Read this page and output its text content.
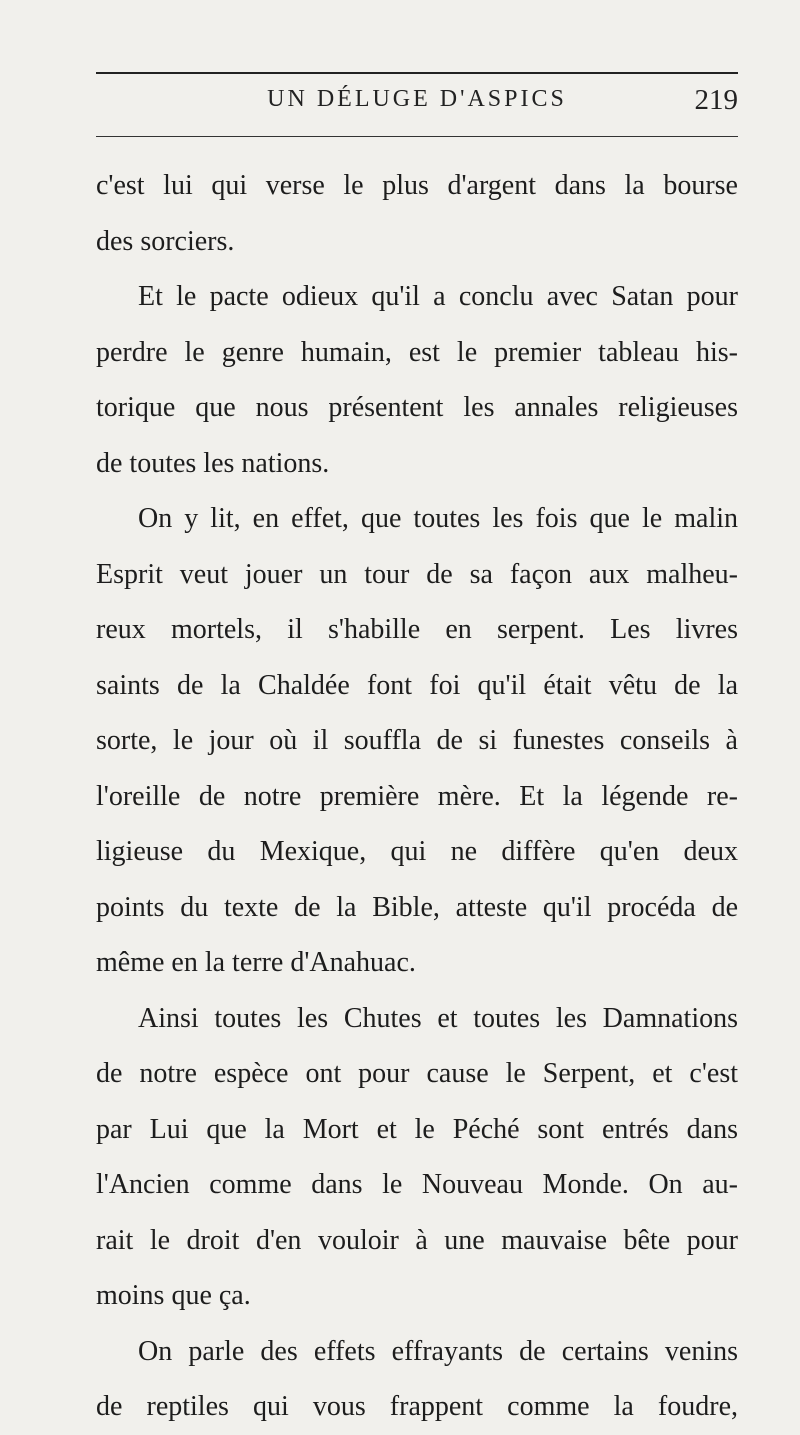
UN DÉLUGE D'ASPICS	219
c'est lui qui verse le plus d'argent dans la bourse
des sorciers.
Et le pacte odieux qu'il a conclu avec Satan pour
perdre le genre humain, est le premier tableau his-
torique que nous présentent les annales religieuses
de toutes les nations.
On y lit, en effet, que toutes les fois que le malin
Esprit veut jouer un tour de sa façon aux malheu-
reux mortels, il s'habille en serpent. Les livres
saints de la Chaldée font foi qu'il était vêtu de la
sorte, le jour où il souffla de si funestes conseils à
l'oreille de notre première mère. Et la légende re-
ligieuse du Mexique, qui ne diffère qu'en deux
points du texte de la Bible, atteste qu'il procéda de
même en la terre d'Anahuac.
Ainsi toutes les Chutes et toutes les Damnations
de notre espèce ont pour cause le Serpent, et c'est
par Lui que la Mort et le Péché sont entrés dans
l'Ancien comme dans le Nouveau Monde. On au-
rait le droit d'en vouloir à une mauvaise bête pour
moins que ça.
On parle des effets effrayants de certains venins
de reptiles qui vous frappent comme la foudre,
